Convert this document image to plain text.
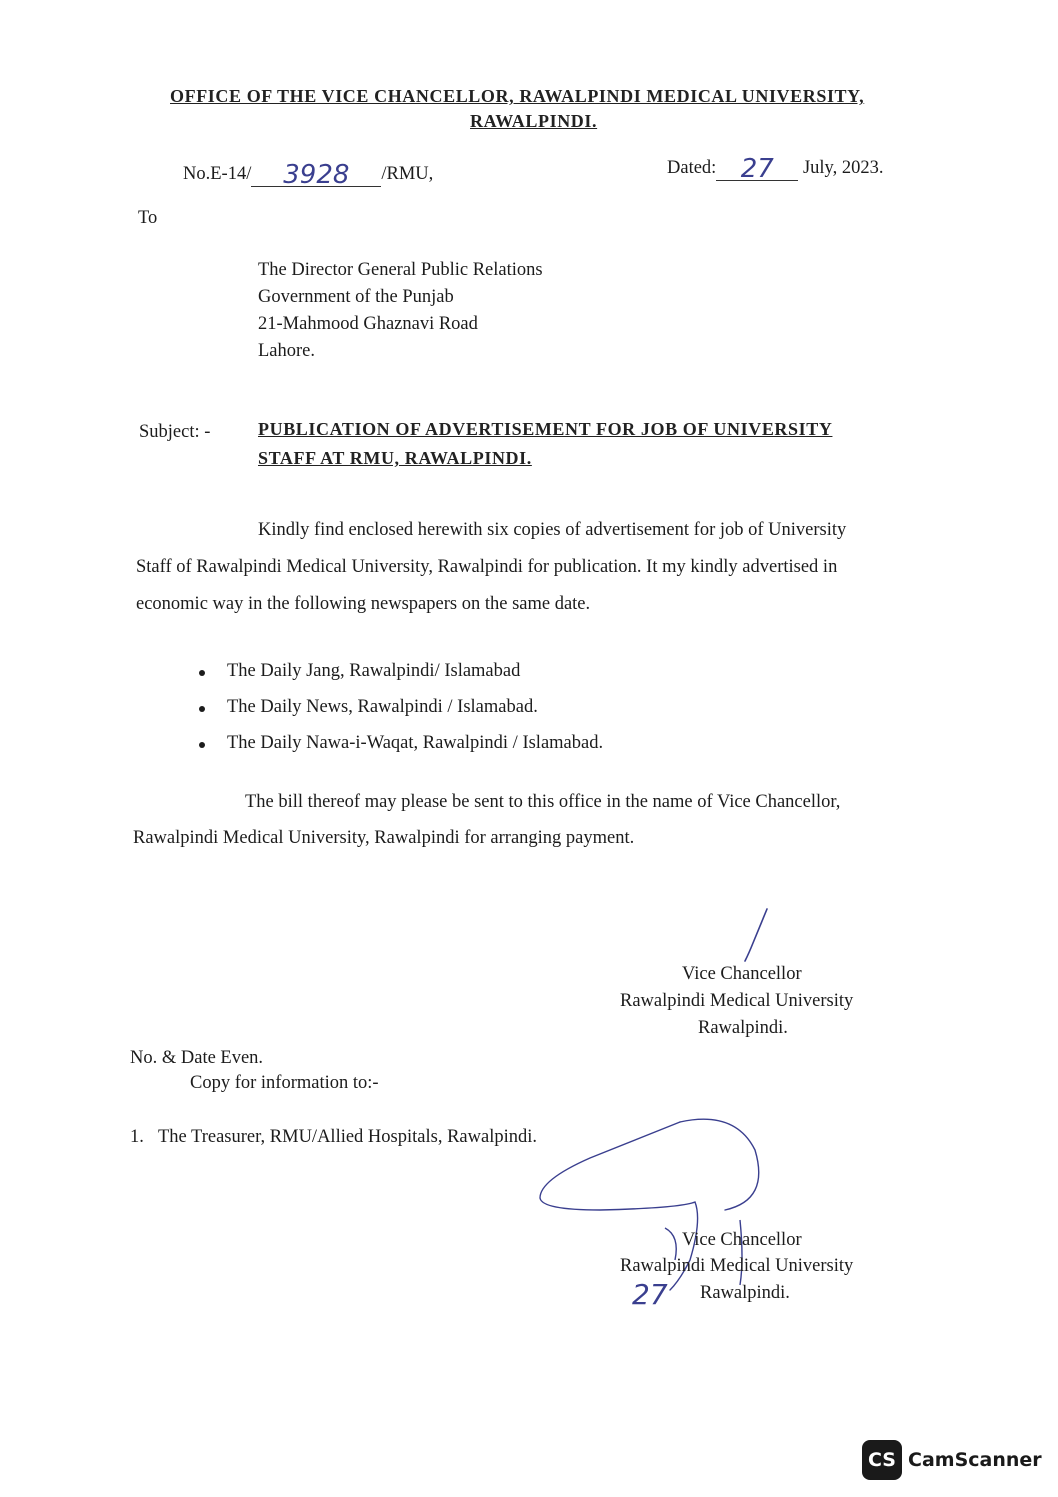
OFFICE OF THE VICE CHANCELLOR, RAWALPINDI MEDICAL UNIVERSITY,
RAWALPINDI.
No.E-14/ 3928 /RMU,	Dated: 27 July, 2023.
To
The Director General Public Relations
Government of the Punjab
21-Mahmood Ghaznavi Road
Lahore.
Subject: -	PUBLICATION OF ADVERTISEMENT FOR JOB OF UNIVERSITY
STAFF AT RMU, RAWALPINDI.
Kindly find enclosed herewith six copies of advertisement for job of University
Staff of Rawalpindi Medical University, Rawalpindi for publication. It my kindly advertised in
economic way in the following newspapers on the same date.
The Daily Jang, Rawalpindi/ Islamabad
The Daily News, Rawalpindi / Islamabad.
The Daily Nawa-i-Waqat, Rawalpindi / Islamabad.
The bill thereof may please be sent to this office in the name of Vice Chancellor,
Rawalpindi Medical University, Rawalpindi for arranging payment.
Vice Chancellor
Rawalpindi Medical University
Rawalpindi.
No. & Date Even.
Copy for information to:-
1. The Treasurer, RMU/Allied Hospitals, Rawalpindi.
Vice Chancellor
Rawalpindi Medical University
Rawalpindi.
27
CS CamScanner
